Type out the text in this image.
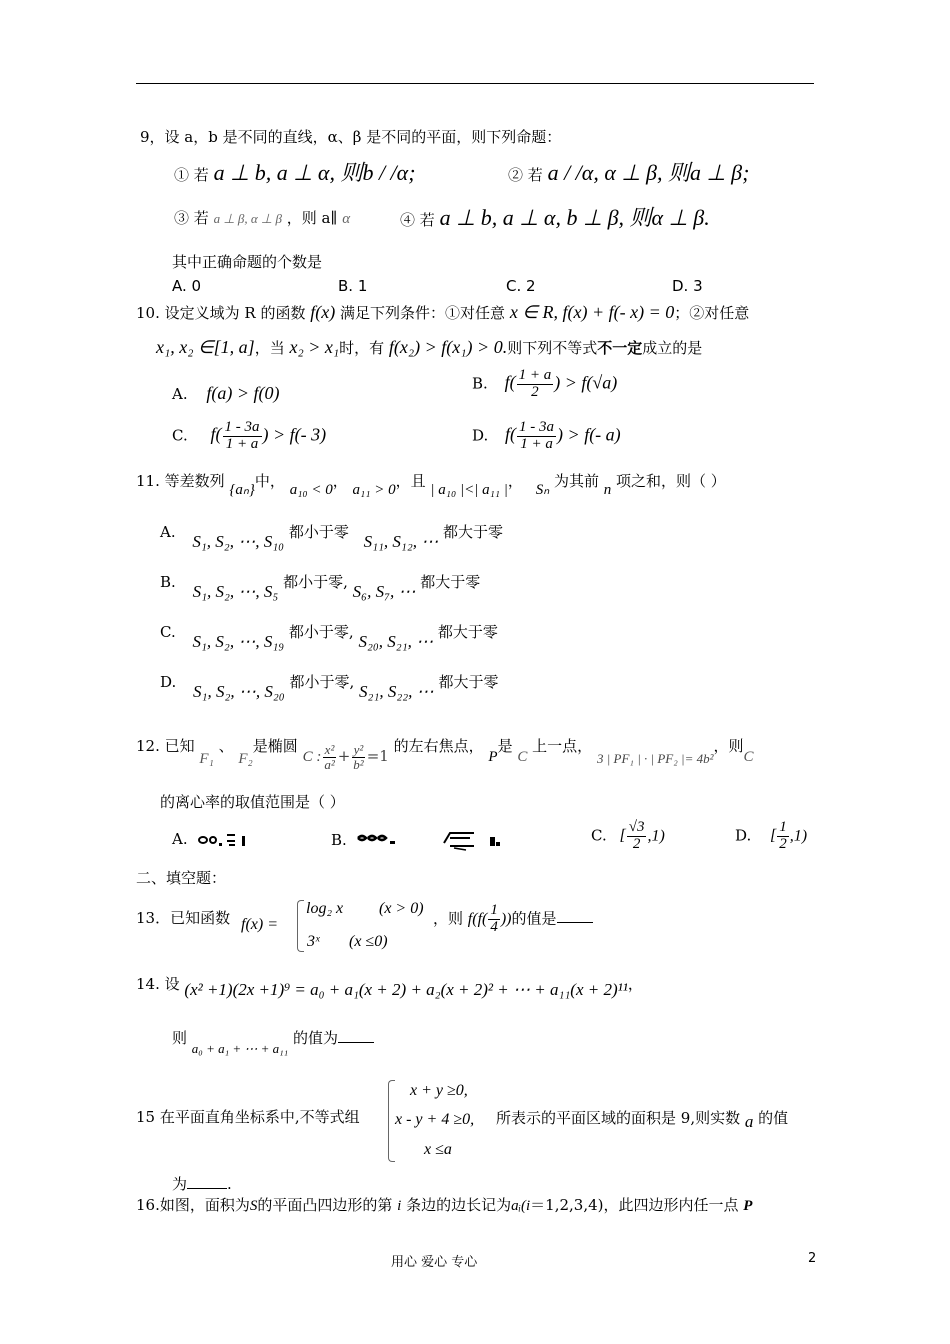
9，设 a，b 是不同的直线，α、β 是不同的平面，则下列命题：
① 若 a ⊥ b, a ⊥ α, 则b / /α;	② 若 a / /α, α ⊥ β, 则a ⊥ β;
③ 若 a ⊥ β, α ⊥ β ，则 a∥ α	④ 若 a ⊥ b, a ⊥ α, b ⊥ β, 则α ⊥ β.
其中正确命题的个数是
A. 0	B. 1	C. 2	D. 3
10. 设定义域为 R 的函数 f(x) 满足下列条件：①对任意 x ∈ R, f(x) + f(- x) = 0；②对任意
x₁, x₂ ∈[1, a]，当 x₂ > x₁时，有 f(x₂) > f(x₁) > 0.则下列不等式不一定成立的是
A. f(a) > f(0)	B. $f( \frac{1 + a}{2}$ ) > f(√a)
C. $f( \frac{1 - 3a}{1 + a}$ ) > f(- 3)	D. $f( \frac{1 - 3a}{1 + a}$ ) > f(- a)
11. 等差数列 {aₙ}中， a₁₀ < 0， a₁₁ > 0，且 | a₁₀ |<| a₁₁ |， Sₙ 为其前 n 项之和，则（ ）
A. S₁, S₂, ⋯, S₁₀ 都小于零 S₁₁, S₁₂, ⋯ 都大于零
B. S₁, S₂, ⋯, S₅ 都小于零, S₆, S₇, ⋯ 都大于零
C. S₁, S₂, ⋯, S₁₉ 都小于零, S₂₀, S₂₁, ⋯ 都大于零
D. S₁, S₂, ⋯, S₂₀ 都小于零, S₂₁, S₂₂, ⋯ 都大于零
12. 已知 F₁ 、 F₂是椭圆 C : $\frac{\text{x²}}{\text{a²}} + \frac{\text{y²}}{\text{b²}} =1$ 的左右焦点， P是 C 上一点， 3 | PF₁ | · | PF₂ |= 4b²，则C
的离心率的取值范围是（ ）
A.	B.	C. [ $\frac{√3}{2} ,1$)	D. [ $\frac{1}{2} ,1$)
二、填空题：
13．已知函数 f(x) =
log₂ x (x > 0)
3ˣ (x ≤0)
，则 $f(f( \frac{1}{4}$ ))的值是
14. 设 (x² +1)(2x +1)⁹ = a₀ + a₁(x + 2) + a₂(x + 2)² + ⋯ + a₁₁(x + 2)¹¹，
则 a₀ + a₁ + ⋯ + a₁₁ 的值为
x + y ≥0,
15 在平面直角坐标系中,不等式组 x - y + 4 ≥0, 所表示的平面区域的面积是 9,则实数 a 的值
x ≤a
为	.
16.如图，面积为S的平面凸四边形的第 i 条边的边长记为aᵢ(i＝1,2,3,4)，此四边形内任一点 P
用心 爱心 专心	2
